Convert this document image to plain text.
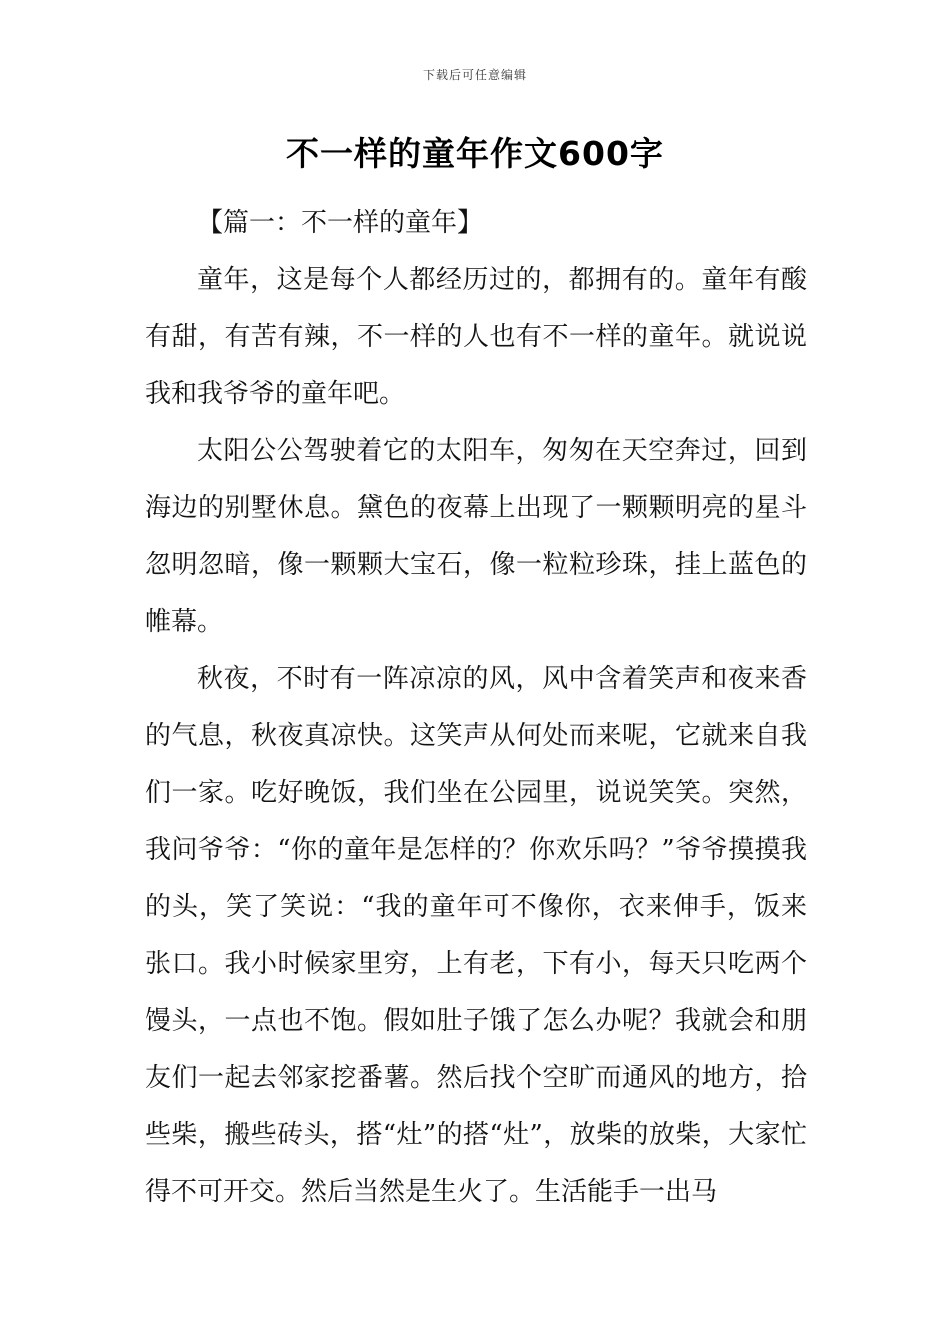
下载后可任意编辑
不一样的童年作文600字

【篇一：不一样的童年】

童年，这是每个人都经历过的，都拥有的。童年有酸有甜，有苦有辣，不一样的人也有不一样的童年。就说说我和我爷爷的童年吧。

太阳公公驾驶着它的太阳车，匆匆在天空奔过，回到海边的别墅休息。黛色的夜幕上出现了一颗颗明亮的星斗忽明忽暗，像一颗颗大宝石，像一粒粒珍珠，挂上蓝色的帷幕。

秋夜，不时有一阵凉凉的风，风中含着笑声和夜来香的气息，秋夜真凉快。这笑声从何处而来呢，它就来自我们一家。吃好晚饭，我们坐在公园里，说说笑笑。突然，我问爷爷：“你的童年是怎样的？你欢乐吗？”爷爷摸摸我的头，笑了笑说：“我的童年可不像你，衣来伸手，饭来张口。我小时候家里穷，上有老，下有小，每天只吃两个馒头，一点也不饱。假如肚子饿了怎么办呢？我就会和朋友们一起去邻家挖番薯。然后找个空旷而通风的地方，拾些柴，搬些砖头，搭“灶”的搭“灶”，放柴的放柴，大家忙得不可开交。然后当然是生火了。生活能手一出马
